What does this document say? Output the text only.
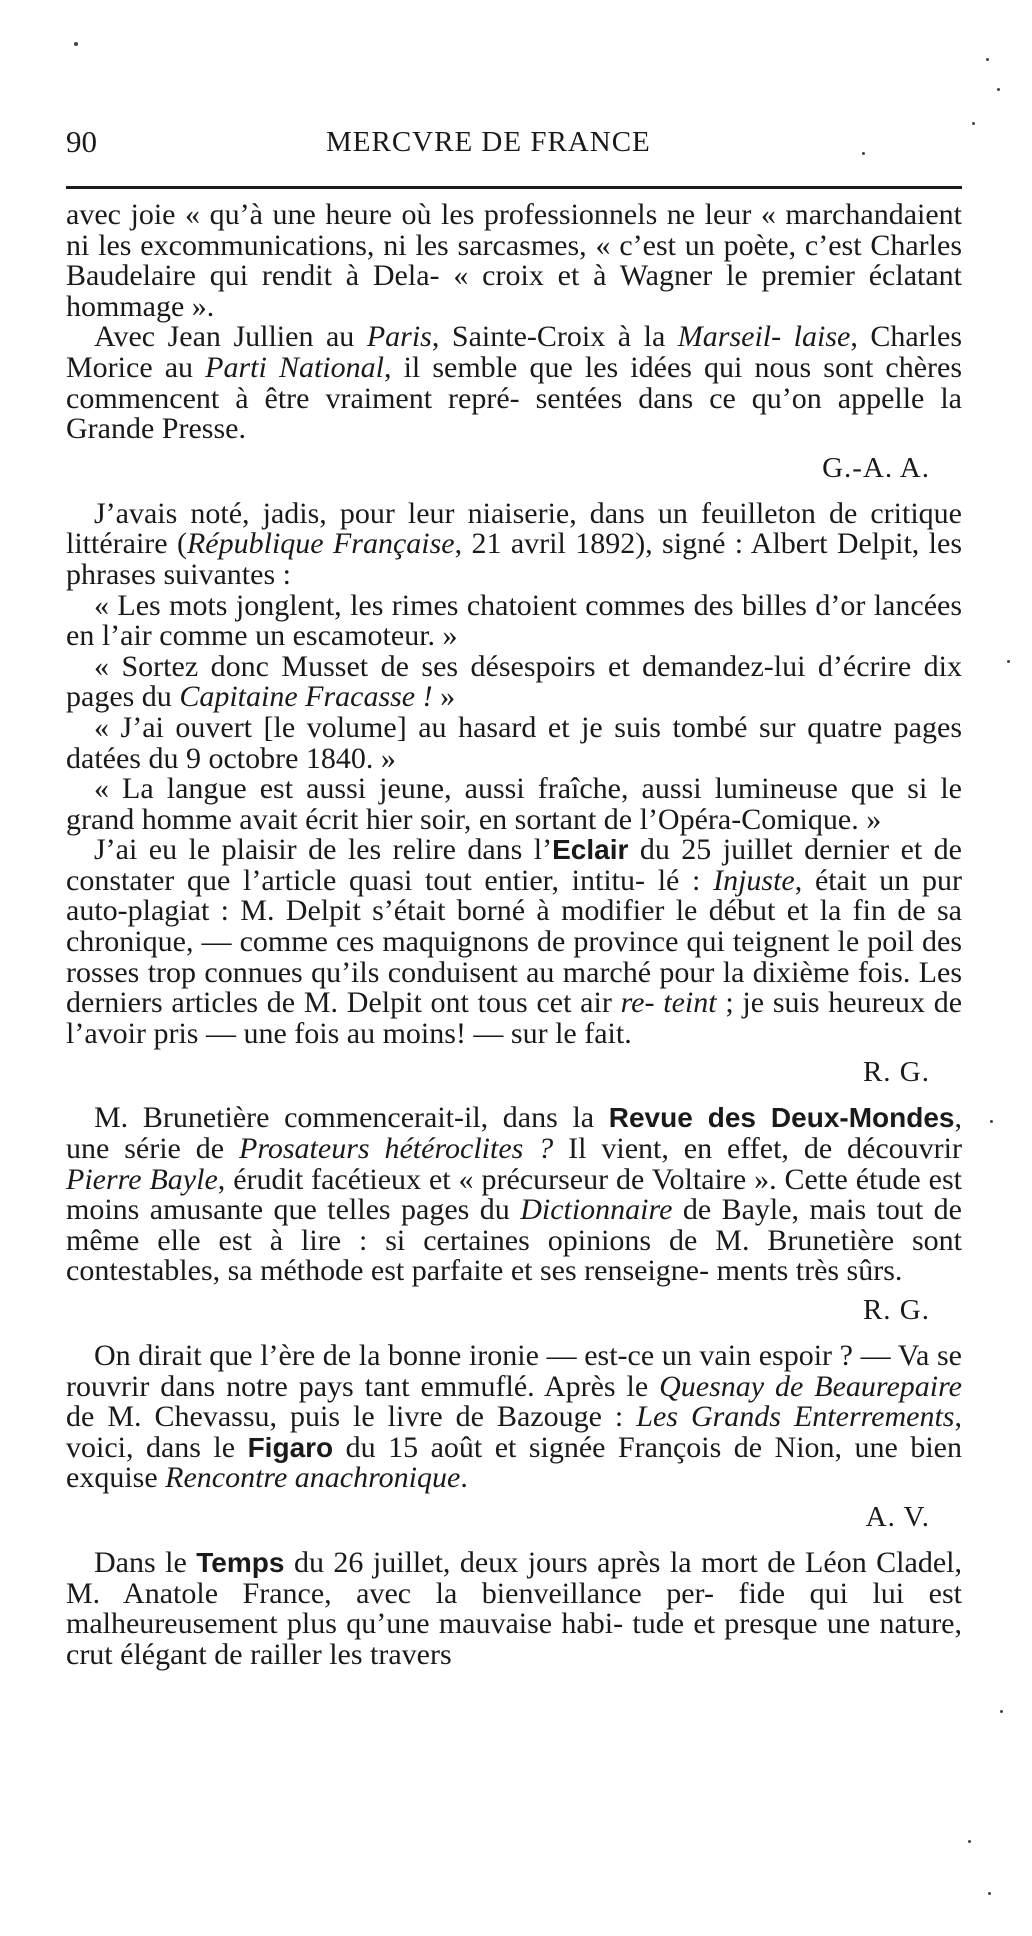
90	MERCVRE DE FRANCE

avec joie « qu’à une heure où les professionnels ne leur « marchandaient ni les excommunications, ni les sarcasmes, « c’est un poète, c’est Charles Baudelaire qui rendit à Dela- « croix et à Wagner le premier éclatant hommage ».

Avec Jean Jullien au Paris, Sainte-Croix à la Marseil- laise, Charles Morice au Parti National, il semble que les idées qui nous sont chères commencent à être vraiment repré- sentées dans ce qu’on appelle la Grande Presse.

G.-A. A.

J’avais noté, jadis, pour leur niaiserie, dans un feuilleton de critique littéraire (République Française, 21 avril 1892), signé : Albert Delpit, les phrases suivantes :

« Les mots jonglent, les rimes chatoient commes des billes d’or lancées en l’air comme un escamoteur. »

« Sortez donc Musset de ses désespoirs et demandez-lui d’écrire dix pages du Capitaine Fracasse ! »

« J’ai ouvert [le volume] au hasard et je suis tombé sur quatre pages datées du 9 octobre 1840. »

« La langue est aussi jeune, aussi fraîche, aussi lumineuse que si le grand homme avait écrit hier soir, en sortant de l’Opéra-Comique. »

J’ai eu le plaisir de les relire dans l’Eclair du 25 juillet dernier et de constater que l’article quasi tout entier, intitu- lé : Injuste, était un pur auto-plagiat : M. Delpit s’était borné à modifier le début et la fin de sa chronique, — comme ces maquignons de province qui teignent le poil des rosses trop connues qu’ils conduisent au marché pour la dixième fois. Les derniers articles de M. Delpit ont tous cet air re- teint ; je suis heureux de l’avoir pris — une fois au moins! — sur le fait.

R. G.

M. Brunetière commencerait-il, dans la Revue des Deux-Mondes, une série de Prosateurs hétéroclites ? Il vient, en effet, de découvrir Pierre Bayle, érudit facétieux et « précurseur de Voltaire ». Cette étude est moins amusante que telles pages du Dictionnaire de Bayle, mais tout de même elle est à lire : si certaines opinions de M. Brunetière sont contestables, sa méthode est parfaite et ses renseigne- ments très sûrs.

R. G.

On dirait que l’ère de la bonne ironie — est-ce un vain espoir ? — Va se rouvrir dans notre pays tant emmuflé. Après le Quesnay de Beaurepaire de M. Chevassu, puis le livre de Bazouge : Les Grands Enterrements, voici, dans le Figaro du 15 août et signée François de Nion, une bien exquise Rencontre anachronique.

A. V.

Dans le Temps du 26 juillet, deux jours après la mort de Léon Cladel, M. Anatole France, avec la bienveillance per- fide qui lui est malheureusement plus qu’une mauvaise habi- tude et presque une nature, crut élégant de railler les travers
